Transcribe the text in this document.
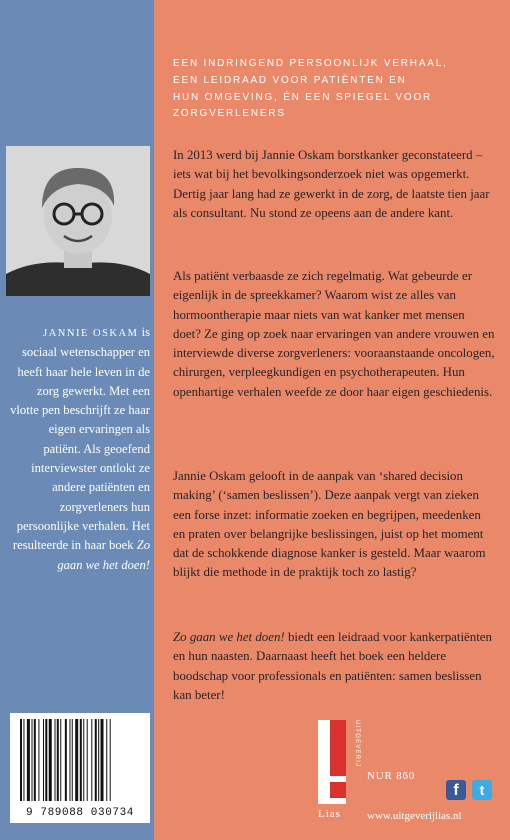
EEN INDRINGEND PERSOONLIJK VERHAAL,
EEN LEIDRAAD VOOR PATIËNTEN EN
HUN OMGEVING, ÉN EEN SPIEGEL VOOR
ZORGVERLENERS

In 2013 werd bij Jannie Oskam borstkanker geconstateerd – iets wat bij het bevolkingsonderzoek niet was opgemerkt. Dertig jaar lang had ze gewerkt in de zorg, de laatste tien jaar als consultant. Nu stond ze opeens aan de andere kant.

Als patiënt verbaasde ze zich regelmatig. Wat gebeurde er eigenlijk in de spreekkamer? Waarom wist ze alles van hormoontherapie maar niets van wat kanker met mensen doet? Ze ging op zoek naar ervaringen van andere vrouwen en interviewde diverse zorgverleners: vooraanstaande oncologen, chirurgen, verpleegkundigen en psychotherapeuten. Hun openhartige verhalen weefde ze door haar eigen geschiedenis.

Jannie Oskam gelooft in de aanpak van ‘shared decision making’ (‘samen beslissen’). Deze aanpak vergt van zieken een forse inzet: informatie zoeken en begrijpen, meedenken en praten over belangrijke beslissingen, juist op het moment dat de schokkende diagnose kanker is gesteld. Maar waarom blijkt die methode in de praktijk toch zo lastig?

Zo gaan we het doen! biedt een leidraad voor kankerpatiënten en hun naasten. Daarnaast heeft het boek een heldere boodschap voor professionals en patiënten: samen beslissen kan beter!

JANNIE OSKAM is sociaal wetenschapper en heeft haar hele leven in de zorg gewerkt. Met een vlotte pen beschrijft ze haar eigen ervaringen als patiënt. Als geoefend interviewster ontlokt ze andere patiënten en zorgverleners hun persoonlijke verhalen. Het resulteerde in haar boek Zo gaan we het doen!
9 789088 030734
UITGEVERIJ
Lias
NUR 860
www.uitgeverijlias.nl
f	t
